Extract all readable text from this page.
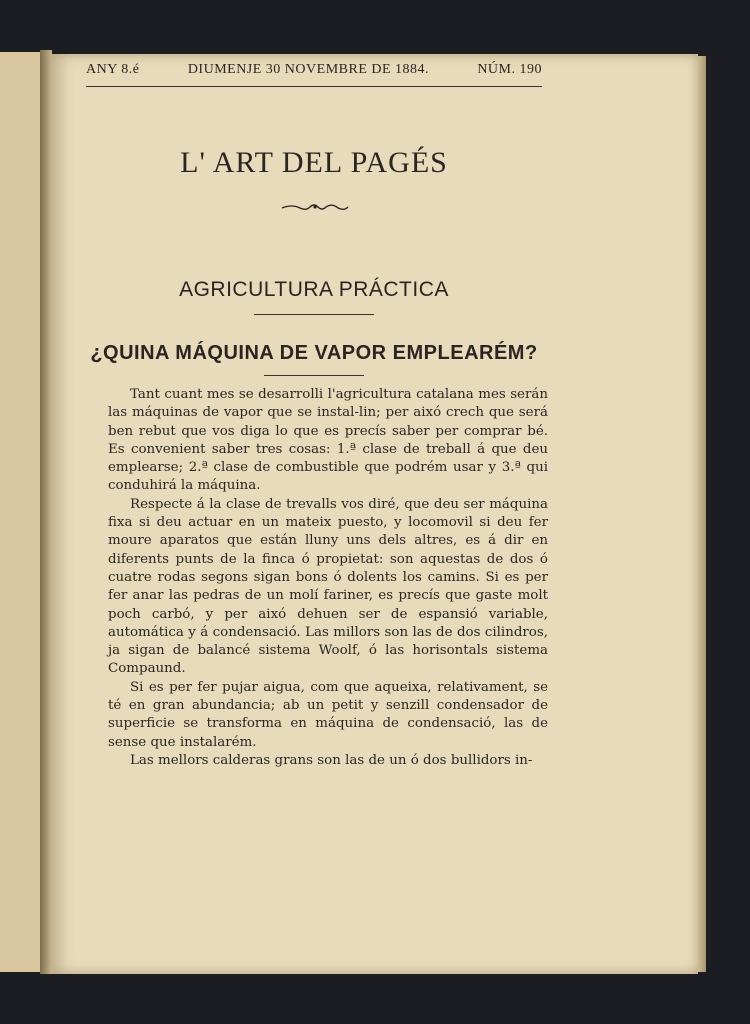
ANY 8.é	DIUMENJE 30 NOVEMBRE DE 1884.	NÚM. 190
L' ART DEL PAGÉS
AGRICULTURA PRÁCTICA
¿QUINA MÁQUINA DE VAPOR EMPLEARÉM?

Tant cuant mes se desarrolli l'agricultura catalana mes serán las máquinas de vapor que se instal-lin; per aixó crech que será ben rebut que vos diga lo que es precís saber per comprar bé. Es convenient saber tres cosas: 1.ª clase de treball á que deu emplearse; 2.ª clase de combustible que podrém usar y 3.ª qui conduhirá la máquina.

Respecte á la clase de trevalls vos diré, que deu ser máquina fixa si deu actuar en un mateix puesto, y locomovil si deu fer moure aparatos que están lluny uns dels altres, es á dir en diferents punts de la finca ó propietat: son aquestas de dos ó cuatre rodas segons sigan bons ó dolents los camins. Si es per fer anar las pedras de un molí fariner, es precís que gaste molt poch carbó, y per aixó dehuen ser de espansió variable, automática y á condensació. Las millors son las de dos cilindros, ja sigan de balancé sistema Woolf, ó las horisontals sistema Compaund.

Si es per fer pujar aigua, com que aqueixa, relativament, se té en gran abundancia; ab un petit y senzill condensador de superficie se transforma en máquina de condensació, las de sense que instalarém.

Las mellors calderas grans son las de un ó dos bullidors in-
